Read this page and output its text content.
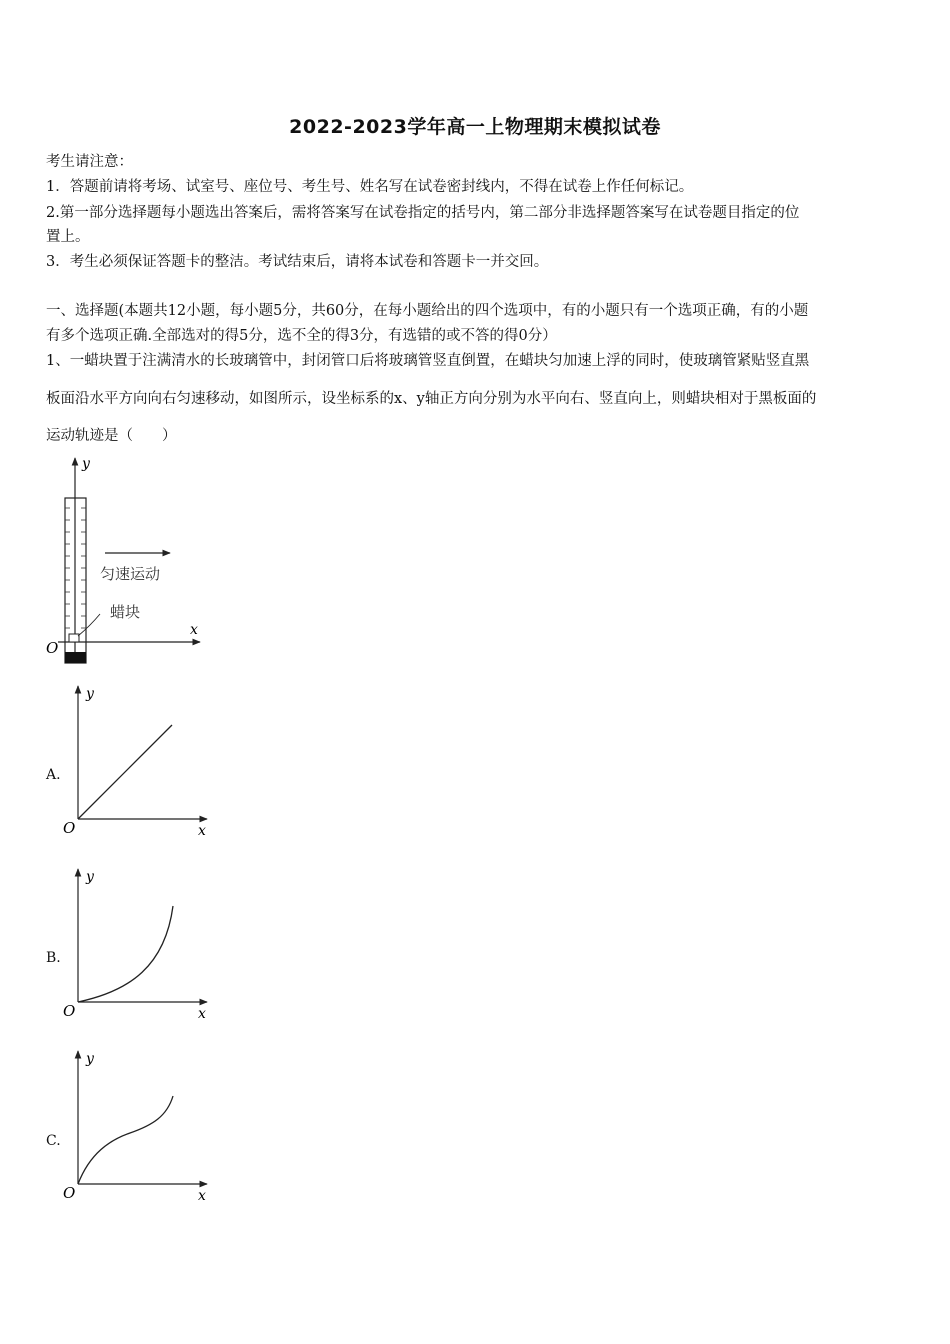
2022-2023学年高一上物理期末模拟试卷
考生请注意：
1．答题前请将考场、试室号、座位号、考生号、姓名写在试卷密封线内，不得在试卷上作任何标记。
2.第一部分选择题每小题选出答案后，需将答案写在试卷指定的括号内，第二部分非选择题答案写在试卷题目指定的位
置上。
3．考生必须保证答题卡的整洁。考试结束后，请将本试卷和答题卡一并交回。
一、选择题(本题共12小题，每小题5分，共60分，在每小题给出的四个选项中，有的小题只有一个选项正确，有的小题
有多个选项正确.全部选对的得5分，选不全的得3分，有选错的或不答的得0分）
1、一蜡块置于注满清水的长玻璃管中，封闭管口后将玻璃管竖直倒置，在蜡块匀加速上浮的同时，使玻璃管紧贴竖直黑
板面沿水平方向向右匀速移动，如图所示，设坐标系的x、y轴正方向分别为水平向右、竖直向上，则蜡块相对于黑板面的
运动轨迹是（　　）
匀速运动
蜡块
y
x
O
A.
y
x
O
B.
y
x
O
C.
y
x
O
